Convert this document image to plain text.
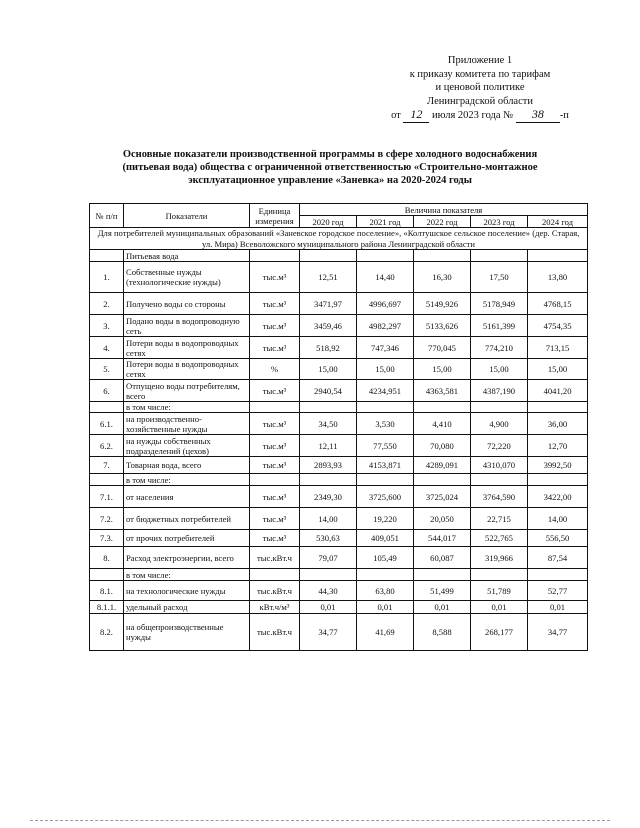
Приложение 1
к приказу комитета по тарифам
и ценовой политике
Ленинградской области
от 12 июля 2023 года № 38 -п
Основные показатели производственной программы в сфере холодного водоснабжения (питьевая вода) общества с ограниченной ответственностью «Строительно-монтажное эксплуатационное управление «Заневка» на 2020-2024 годы
№ п/п	Показатели	Единица измерения	Величина показателя				
			2020 год	2021 год	2022 год	2023 год	2024 год
Для потребителей муниципальных образований «Заневское городское поселение», «Колтушское сельское поселение» (дер. Старая, ул. Мира) Всеволожского муниципального района Ленинградской области							
	Питьевая вода						
1.	Собственные нужды (технологические нужды)	тыс.м³	12,51	14,40	16,30	17,50	13,80
2.	Получено воды со стороны	тыс.м³	3471,97	4996,697	5149,926	5178,949	4768,15
3.	Подано воды в водопроводную сеть	тыс.м³	3459,46	4982,297	5133,626	5161,399	4754,35
4.	Потери воды в водопроводных сетях	тыс.м³	518,92	747,346	770,045	774,210	713,15
5.	Потери воды в водопроводных сетях	%	15,00	15,00	15,00	15,00	15,00
6.	Отпущено воды потребителям, всего	тыс.м³	2940,54	4234,951	4363,581	4387,190	4041,20
	в том числе:						
6.1.	на производственно-хозяйственные нужды	тыс.м³	34,50	3,530	4,410	4,900	36,00
6.2.	на нужды собственных подразделений (цехов)	тыс.м³	12,11	77,550	70,080	72,220	12,70
7.	Товарная вода, всего	тыс.м³	2893,93	4153,871	4289,091	4310,070	3992,50
	в том числе:						
7.1.	от населения	тыс.м³	2349,30	3725,600	3725,024	3764,590	3422,00
7.2.	от бюджетных потребителей	тыс.м³	14,00	19,220	20,050	22,715	14,00
7.3.	от прочих потребителей	тыс.м³	530,63	409,051	544,017	522,765	556,50
8.	Расход электроэнергии, всего	тыс.кВт.ч	79,07	105,49	60,087	319,966	87,54
	в том числе:						
8.1.	на технологические нужды	тыс.кВт.ч	44,30	63,80	51,499	51,789	52,77
8.1.1.	удельный расход	кВт.ч/м³	0,01	0,01	0,01	0,01	0,01
8.2.	на общепроизводственные нужды	тыс.кВт.ч	34,77	41,69	8,588	268,177	34,77
